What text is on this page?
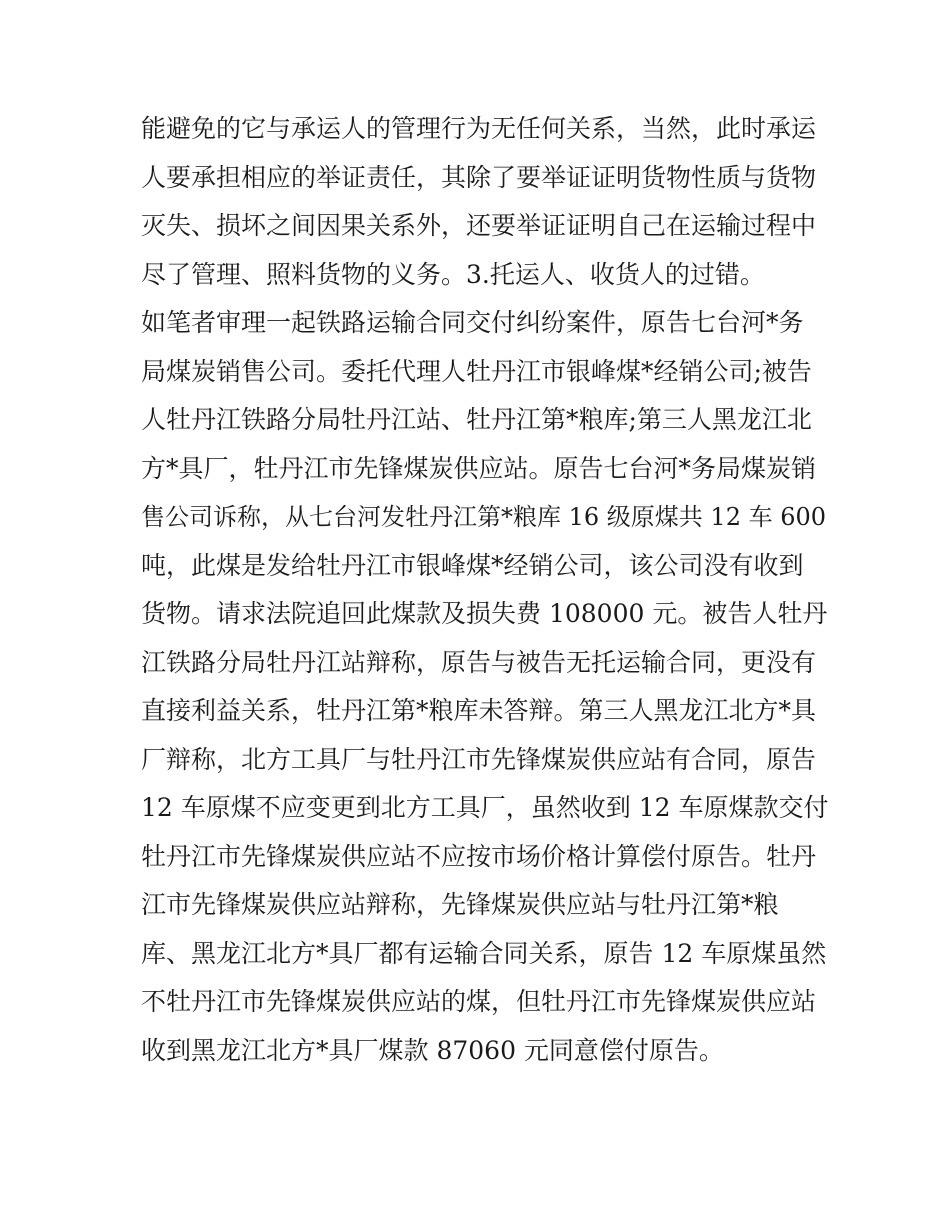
能避免的它与承运人的管理行为无任何关系，当然，此时承运
人要承担相应的举证责任，其除了要举证证明货物性质与货物
灭失、损坏之间因果关系外，还要举证证明自己在运输过程中
尽了管理、照料货物的义务。3.托运人、收货人的过错。
如笔者审理一起铁路运输合同交付纠纷案件，原告七台河*务
局煤炭销售公司。委托代理人牡丹江市银峰煤*经销公司;被告
人牡丹江铁路分局牡丹江站、牡丹江第*粮库;第三人黑龙江北
方*具厂，牡丹江市先锋煤炭供应站。原告七台河*务局煤炭销
售公司诉称，从七台河发牡丹江第*粮库 16 级原煤共 12 车 600
吨，此煤是发给牡丹江市银峰煤*经销公司，该公司没有收到
货物。请求法院追回此煤款及损失费 108000 元。被告人牡丹
江铁路分局牡丹江站辩称，原告与被告无托运输合同，更没有
直接利益关系，牡丹江第*粮库未答辩。第三人黑龙江北方*具
厂辩称，北方工具厂与牡丹江市先锋煤炭供应站有合同，原告
12 车原煤不应变更到北方工具厂，虽然收到 12 车原煤款交付
牡丹江市先锋煤炭供应站不应按市场价格计算偿付原告。牡丹
江市先锋煤炭供应站辩称，先锋煤炭供应站与牡丹江第*粮
库、黑龙江北方*具厂都有运输合同关系，原告 12 车原煤虽然
不牡丹江市先锋煤炭供应站的煤，但牡丹江市先锋煤炭供应站
收到黑龙江北方*具厂煤款 87060 元同意偿付原告。
